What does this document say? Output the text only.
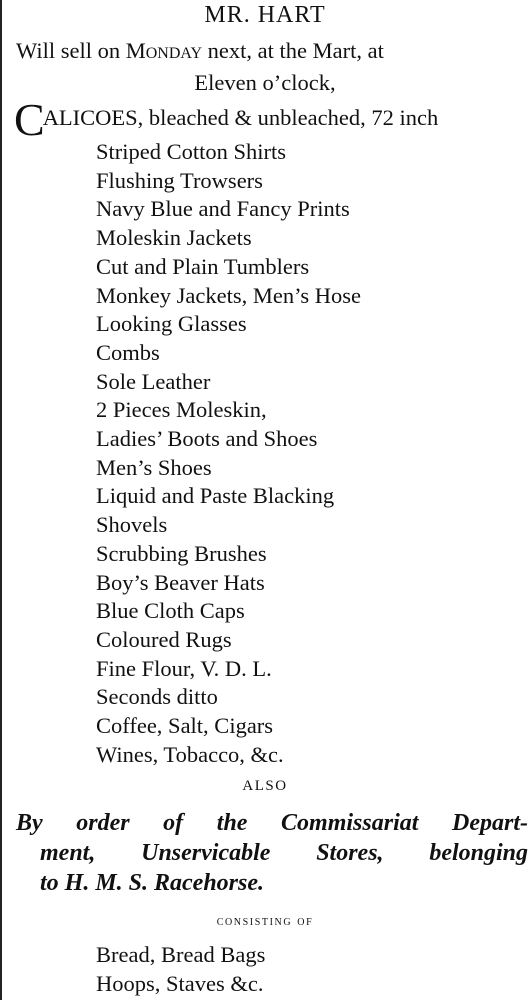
MR. HART
Will sell on Monday next, at the Mart, at
Eleven o’clock,
CALICOES, bleached & unbleached, 72 inch
Striped Cotton Shirts
Flushing Trowsers
Navy Blue and Fancy Prints
Moleskin Jackets
Cut and Plain Tumblers
Monkey Jackets, Men’s Hose
Looking Glasses
Combs
Sole Leather
2 Pieces Moleskin,
Ladies’ Boots and Shoes
Men’s Shoes
Liquid and Paste Blacking
Shovels
Scrubbing Brushes
Boy’s Beaver Hats
Blue Cloth Caps
Coloured Rugs
Fine Flour, V. D. L.
Seconds ditto
Coffee, Salt, Cigars
Wines, Tobacco, &c.
ALSO
By order of the Commissariat Depart-
ment, Unservicable Stores, belonging
to H. M. S. Racehorse.
consisting of
Bread, Bread Bags
Hoops, Staves &c.
